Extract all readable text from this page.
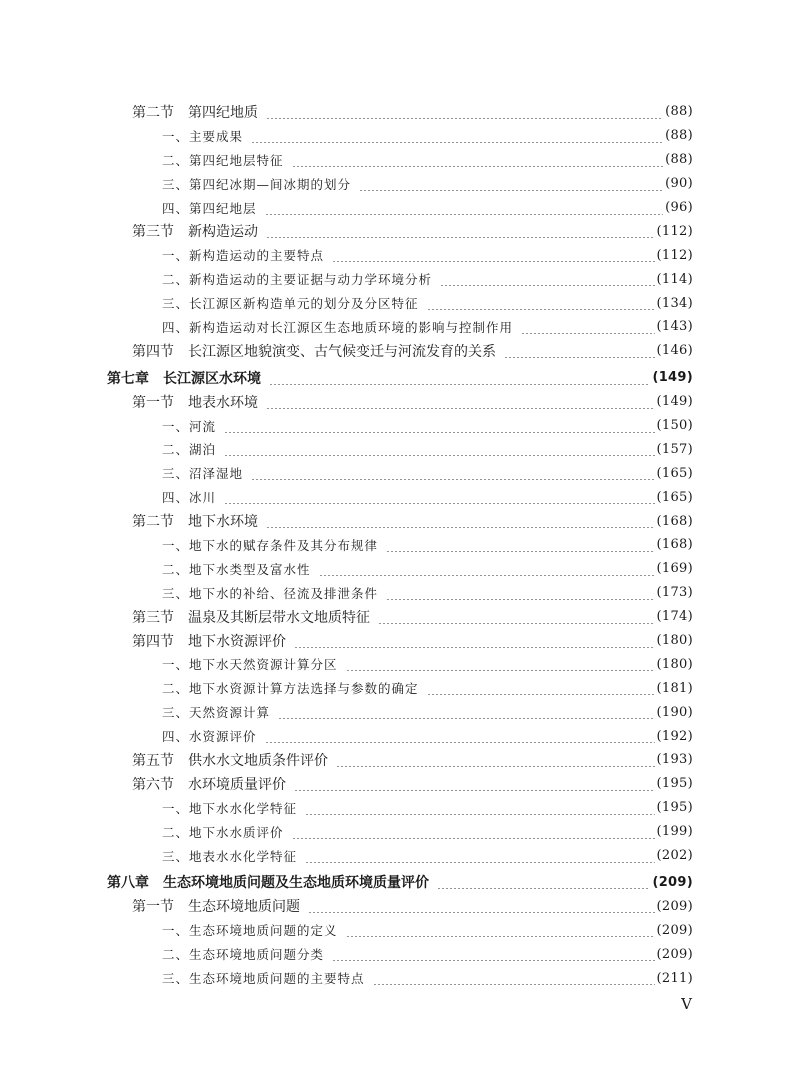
第二节　第四纪地质	(88)
一、主要成果	(88)
二、第四纪地层特征	(88)
三、第四纪冰期—间冰期的划分	(90)
四、第四纪地层	(96)
第三节　新构造运动	(112)
一、新构造运动的主要特点	(112)
二、新构造运动的主要证据与动力学环境分析	(114)
三、长江源区新构造单元的划分及分区特征	(134)
四、新构造运动对长江源区生态地质环境的影响与控制作用	(143)
第四节　长江源区地貌演变、古气候变迁与河流发育的关系	(146)
第七章　长江源区水环境	(149)
第一节　地表水环境	(149)
一、河流	(150)
二、湖泊	(157)
三、沼泽湿地	(165)
四、冰川	(165)
第二节　地下水环境	(168)
一、地下水的赋存条件及其分布规律	(168)
二、地下水类型及富水性	(169)
三、地下水的补给、径流及排泄条件	(173)
第三节　温泉及其断层带水文地质特征	(174)
第四节　地下水资源评价	(180)
一、地下水天然资源计算分区	(180)
二、地下水资源计算方法选择与参数的确定	(181)
三、天然资源计算	(190)
四、水资源评价	(192)
第五节　供水水文地质条件评价	(193)
第六节　水环境质量评价	(195)
一、地下水水化学特征	(195)
二、地下水水质评价	(199)
三、地表水水化学特征	(202)
第八章　生态环境地质问题及生态地质环境质量评价	(209)
第一节　生态环境地质问题	(209)
一、生态环境地质问题的定义	(209)
二、生态环境地质问题分类	(209)
三、生态环境地质问题的主要特点	(211)
V
